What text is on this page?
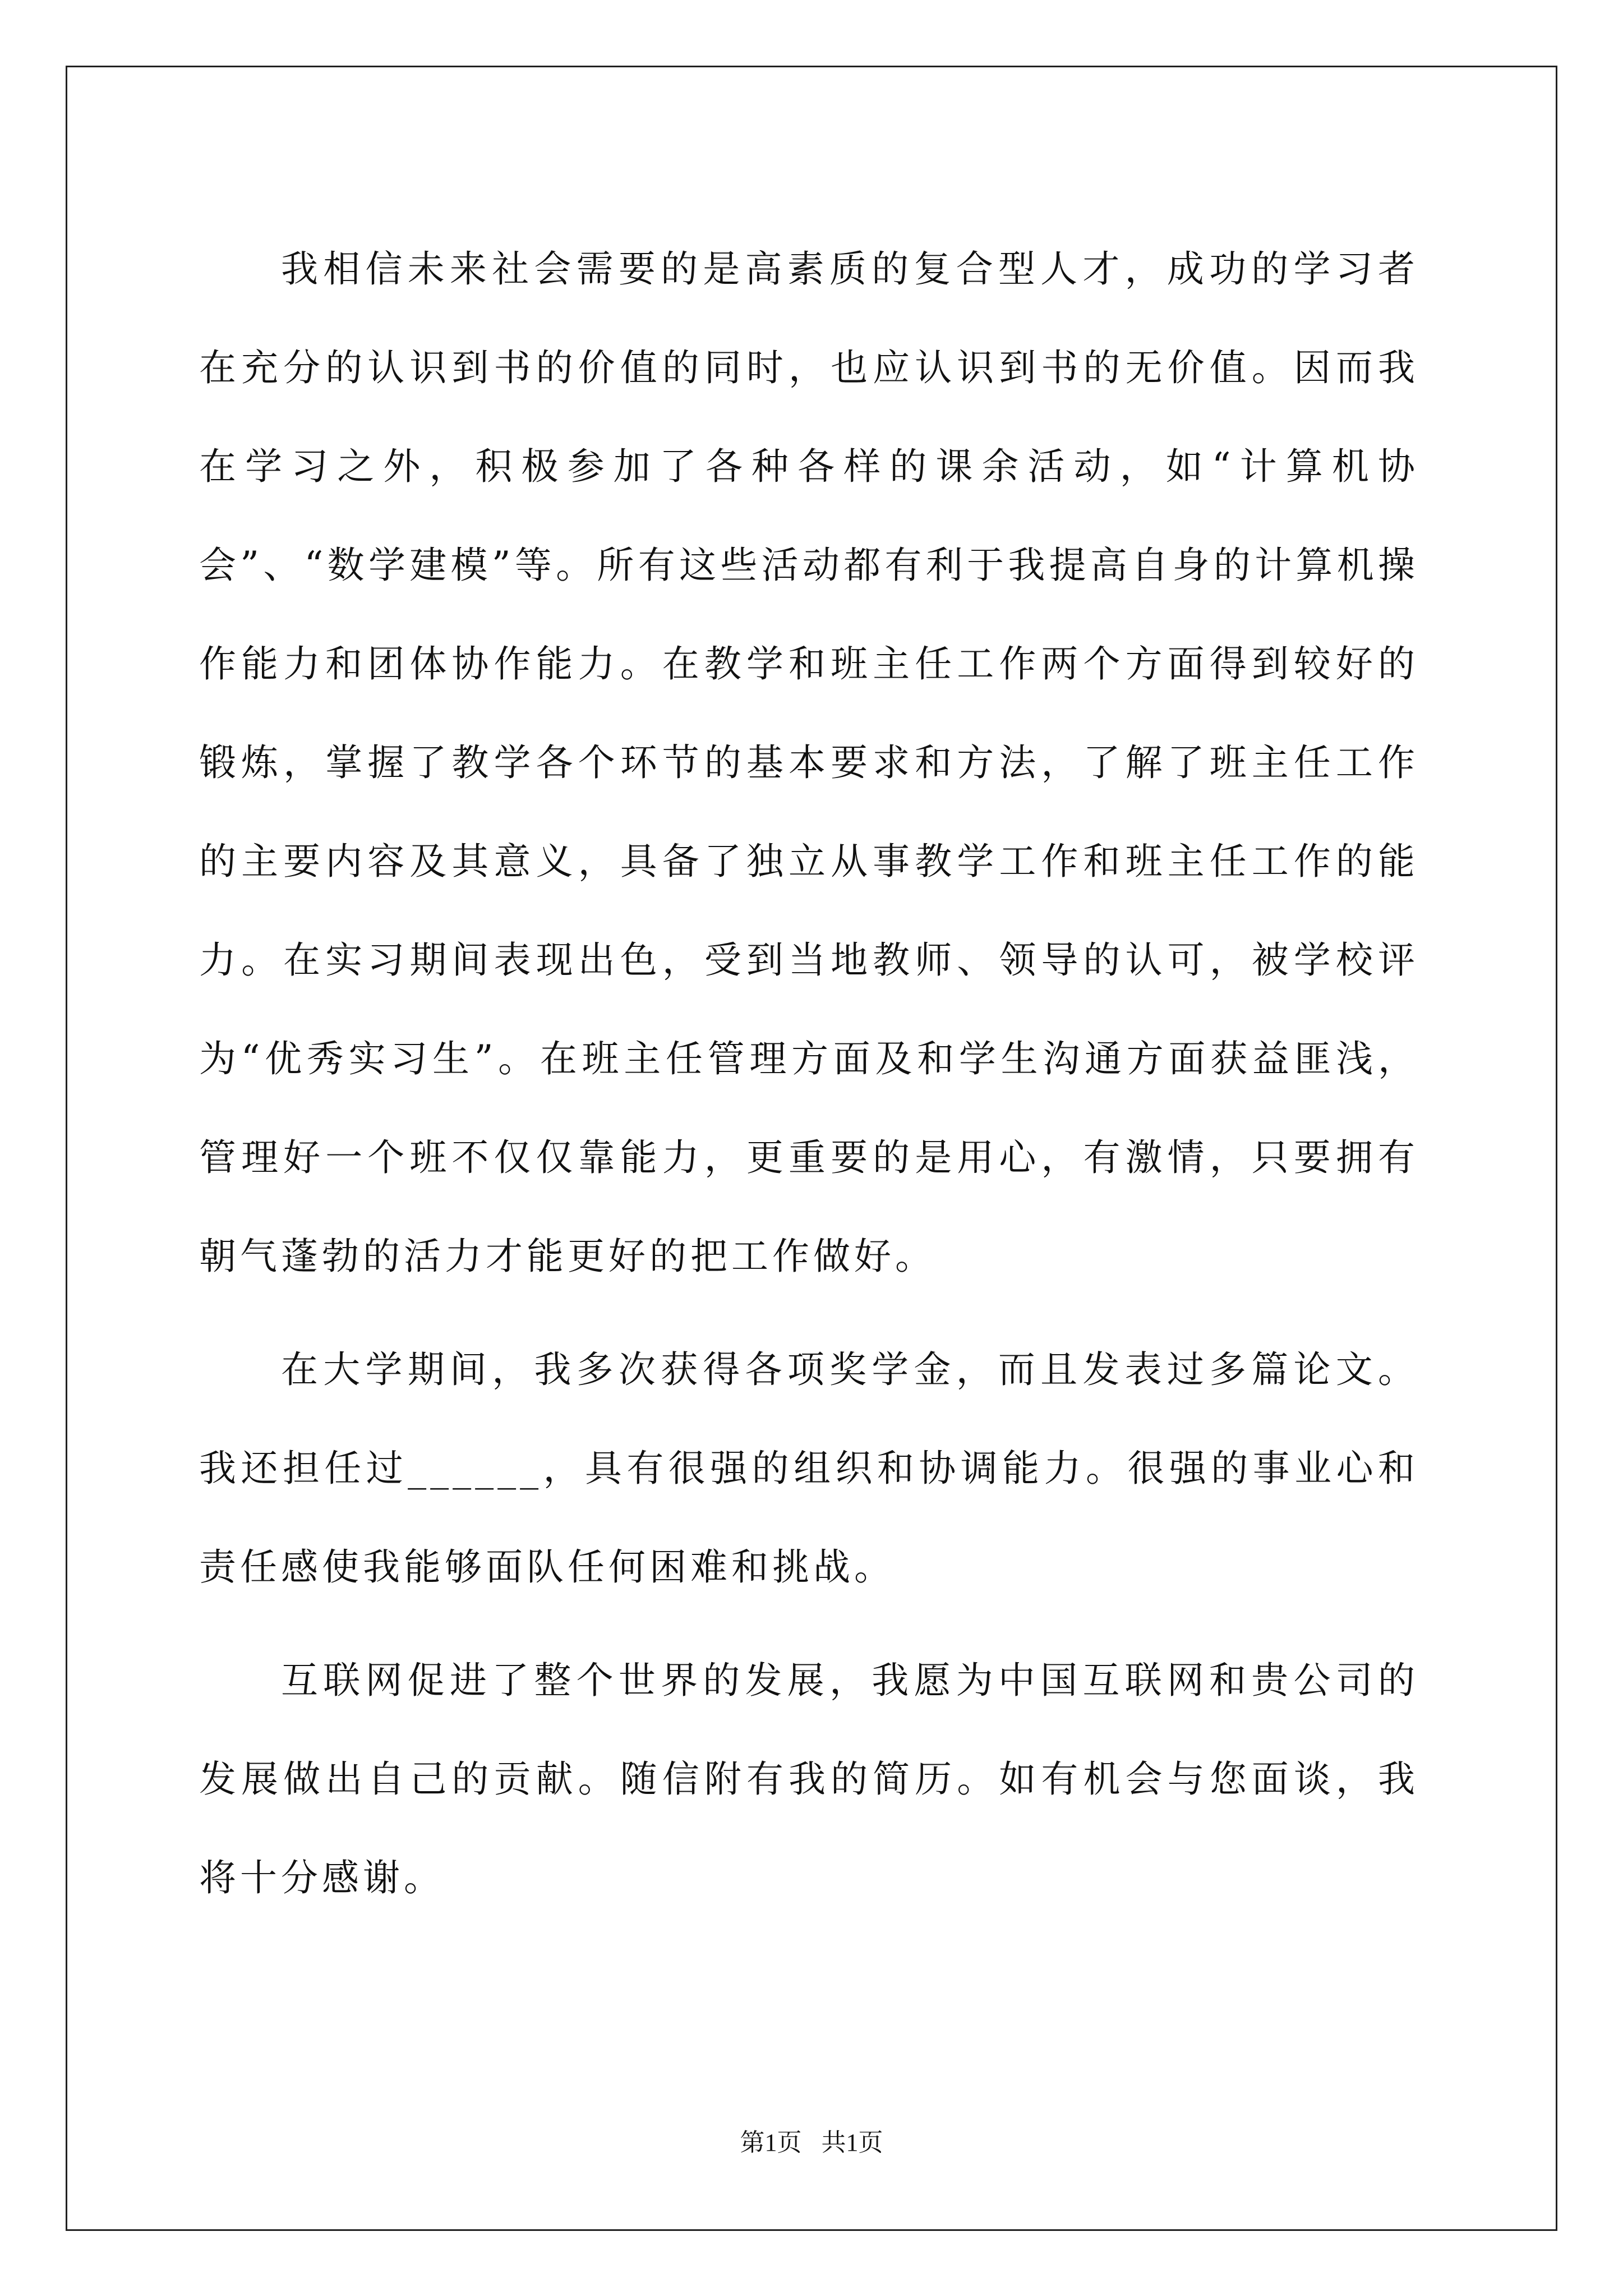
我相信未来社会需要的是高素质的复合型人才，成功的学习者在充分的认识到书的价值的同时，也应认识到书的无价值。因而我在学习之外，积极参加了各种各样的课余活动，如“计算机协会”、“数学建模”等。所有这些活动都有利于我提高自身的计算机操作能力和团体协作能力。在教学和班主任工作两个方面得到较好的锻炼，掌握了教学各个环节的基本要求和方法，了解了班主任工作的主要内容及其意义，具备了独立从事教学工作和班主任工作的能力。在实习期间表现出色，受到当地教师、领导的认可，被学校评为“优秀实习生”。在班主任管理方面及和学生沟通方面获益匪浅，管理好一个班不仅仅靠能力，更重要的是用心，有激情，只要拥有朝气蓬勃的活力才能更好的把工作做好。

在大学期间，我多次获得各项奖学金，而且发表过多篇论文。我还担任过______，具有很强的组织和协调能力。很强的事业心和责任感使我能够面队任何困难和挑战。

互联网促进了整个世界的发展，我愿为中国互联网和贵公司的发展做出自己的贡献。随信附有我的简历。如有机会与您面谈，我将十分感谢。

第1页 共1页
